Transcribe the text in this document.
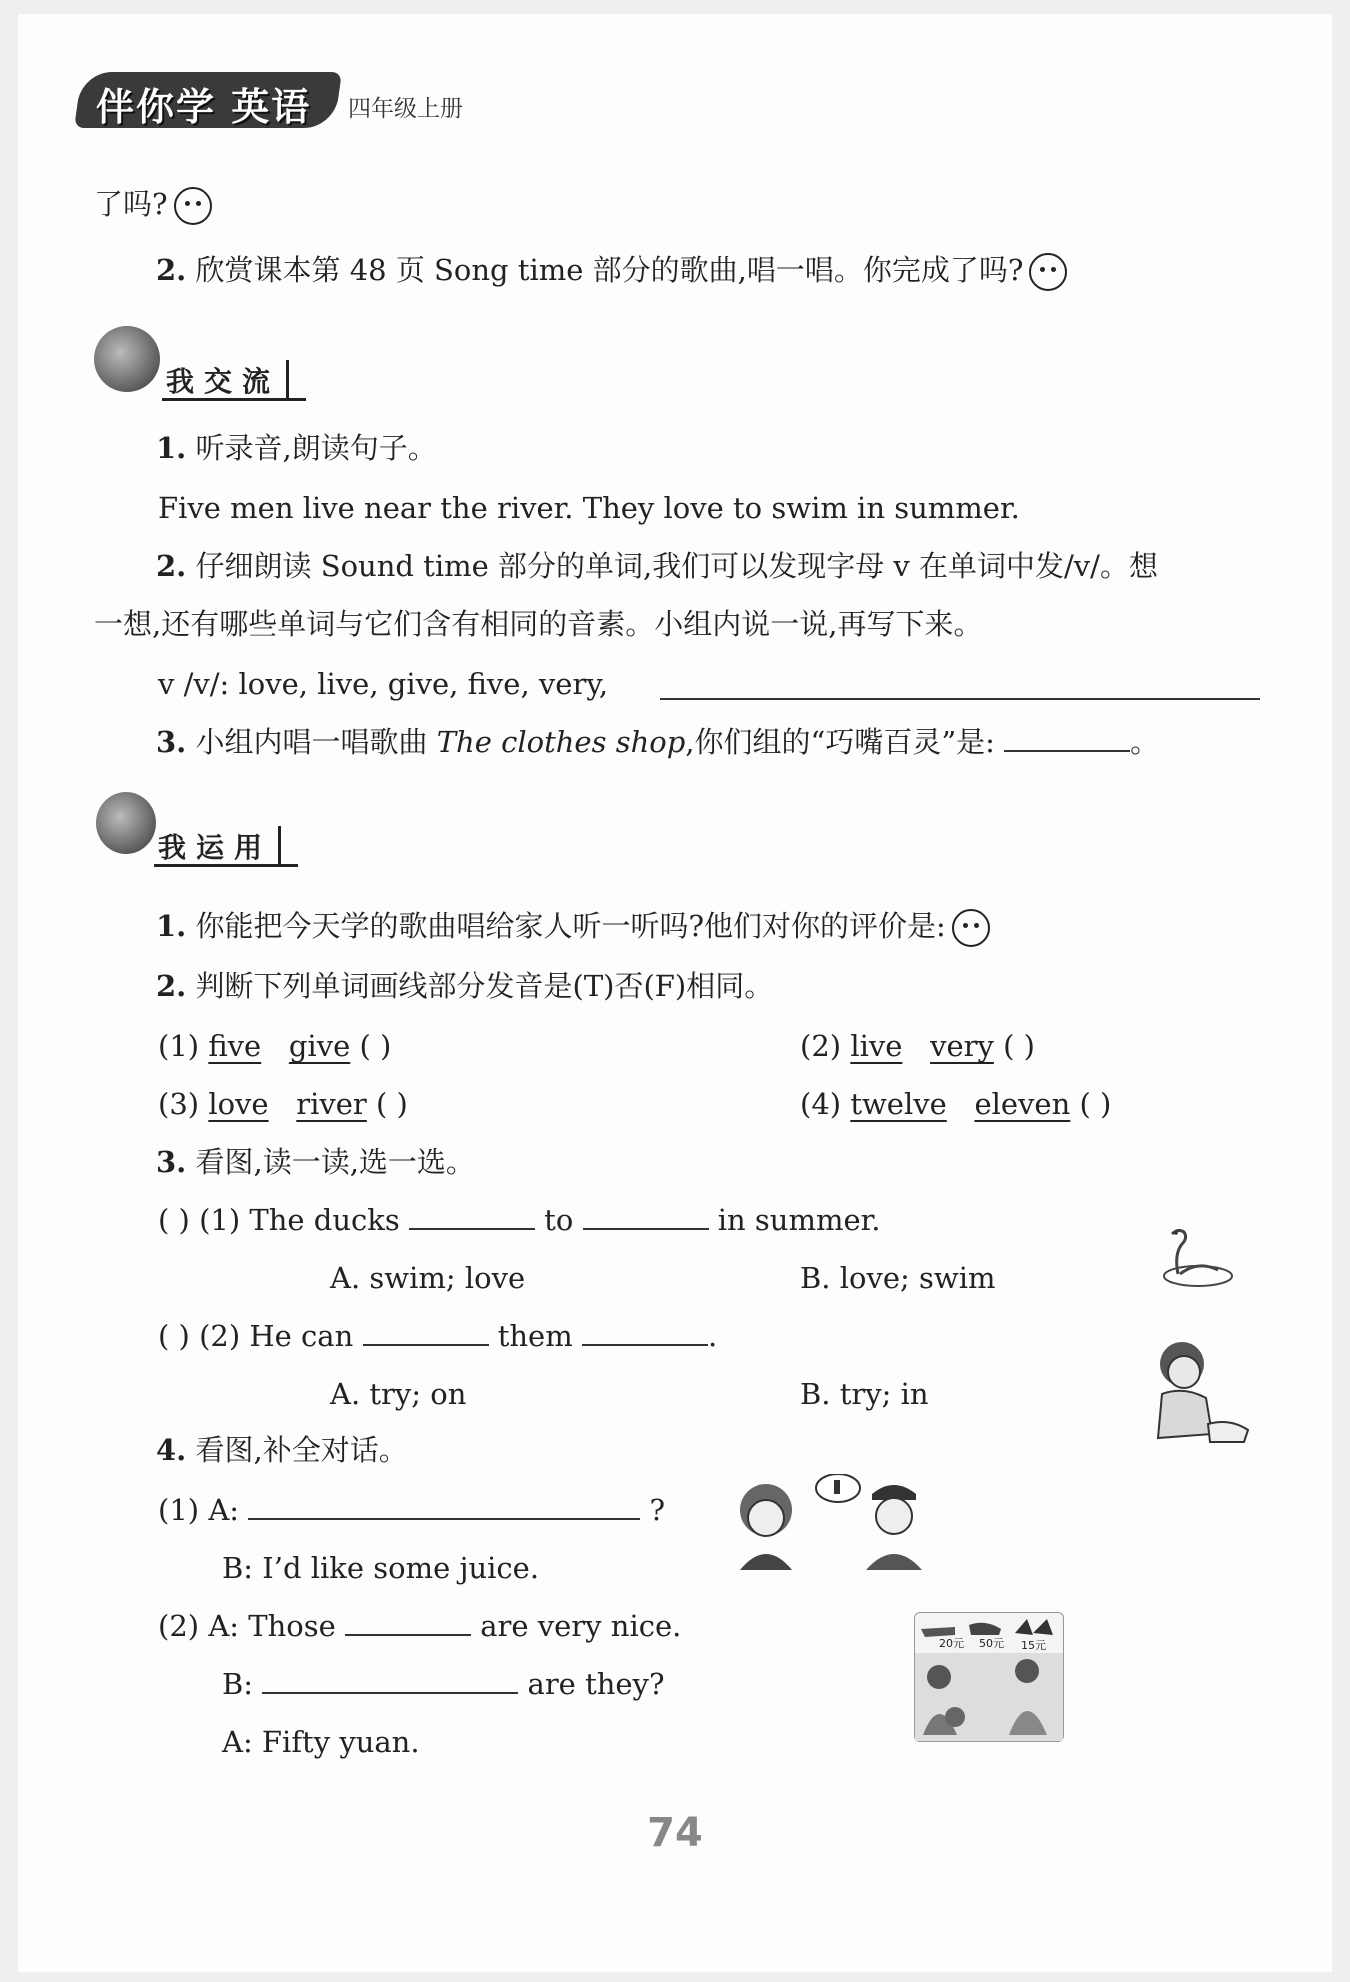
伴你学 英语 四年级上册
了吗?
2. 欣赏课本第 48 页 Song time 部分的歌曲,唱一唱。你完成了吗?
我交流
1. 听录音,朗读句子。
Five men live near the river. They love to swim in summer.
2. 仔细朗读 Sound time 部分的单词,我们可以发现字母 v 在单词中发/v/。想
一想,还有哪些单词与它们含有相同的音素。小组内说一说,再写下来。
v /v/: love, live, give, five, very,
3. 小组内唱一唱歌曲 The clothes shop,你们组的“巧嘴百灵”是:	。
我运用
1. 你能把今天学的歌曲唱给家人听一听吗?他们对你的评价是:
2. 判断下列单词画线部分发音是(T)否(F)相同。
(1) five give ( )	(2) live very ( )
(3) love river ( )	(4) twelve eleven ( )
3. 看图,读一读,选一选。
( ) (1) The ducks	to	in summer.
A. swim; love	B. love; swim
( ) (2) He can	them	.
A. try; on	B. try; in
4. 看图,补全对话。
(1) A:	?
B: I’d like some juice.
(2) A: Those	are very nice.
B:	are they?
A: Fifty yuan.
20元 50元 15元
74
